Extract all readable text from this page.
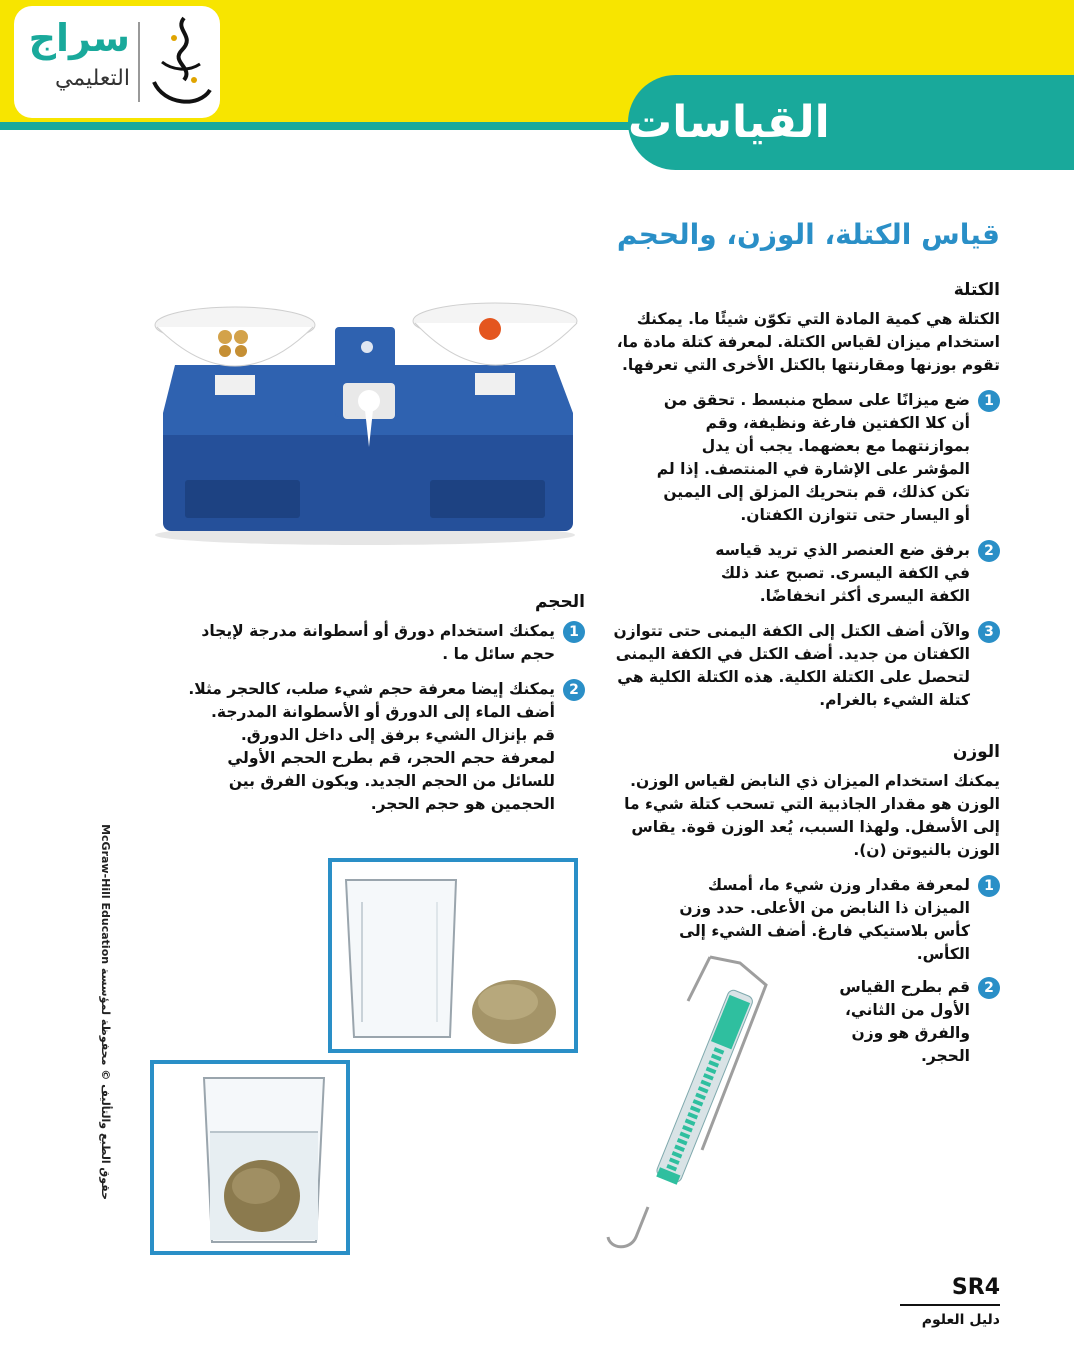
القياسات
سراج
التعليمي
قياس الكتلة، الوزن، والحجم
الكتلة
الكتلة هي كمية المادة التي تكوّن شيئًا ما. يمكنك استخدام ميزان لقياس الكتلة. لمعرفة كتلة مادة ما، تقوم بوزنها ومقارنتها بالكتل الأخرى التي تعرفها.
1
ضع ميزانًا على سطح منبسط . تحقق من أن كلا الكفتين فارغة ونظيفة، وقم بموازنتهما مع بعضهما. يجب أن يدل المؤشر على الإشارة في المنتصف. إذا لم تكن كذلك، قم بتحريك المزلق إلى اليمين أو اليسار حتى تتوازن الكفتان.
2
برفق ضع العنصر الذي تريد قياسه في الكفة اليسرى. تصبح عند ذلك الكفة اليسرى أكثر انخفاضًا.
3
والآن أضف الكتل إلى الكفة اليمنى حتى تتوازن الكفتان من جديد. أضف الكتل في الكفة اليمنى لتحصل على الكتلة الكلية. هذه الكتلة الكلية هي كتلة الشيء بالغرام.
الوزن
يمكنك استخدام الميزان ذي النابض لقياس الوزن. الوزن هو مقدار الجاذبية التي تسحب كتلة شيء ما إلى الأسفل. ولهذا السبب، يُعد الوزن قوة. يقاس الوزن بالنيوتن (ن).
1
لمعرفة مقدار وزن شيء ما، أمسك الميزان ذا النابض من الأعلى. حدد وزن كأس بلاستيكي فارغ. أضف الشيء إلى الكأس.
2
قم بطرح القياس الأول من الثاني، والفرق هو وزن الحجر.
الحجم
1
يمكنك استخدام دورق أو أسطوانة مدرجة لإيجاد حجم سائل ما .
2
يمكنك إيضا معرفة حجم شيء صلب، كالحجر مثلا. أضف الماء إلى الدورق أو الأسطوانة المدرجة. قم بإنزال الشيء برفق إلى داخل الدورق. لمعرفة حجم الحجر، قم بطرح الحجم الأولي للسائل من الحجم الجديد. ويكون الفرق بين الحجمين هو حجم الحجر.
حقوق الطبع والتأليف © محفوظة لمؤسسة McGraw-Hill Education
SR4
دليل العلوم
